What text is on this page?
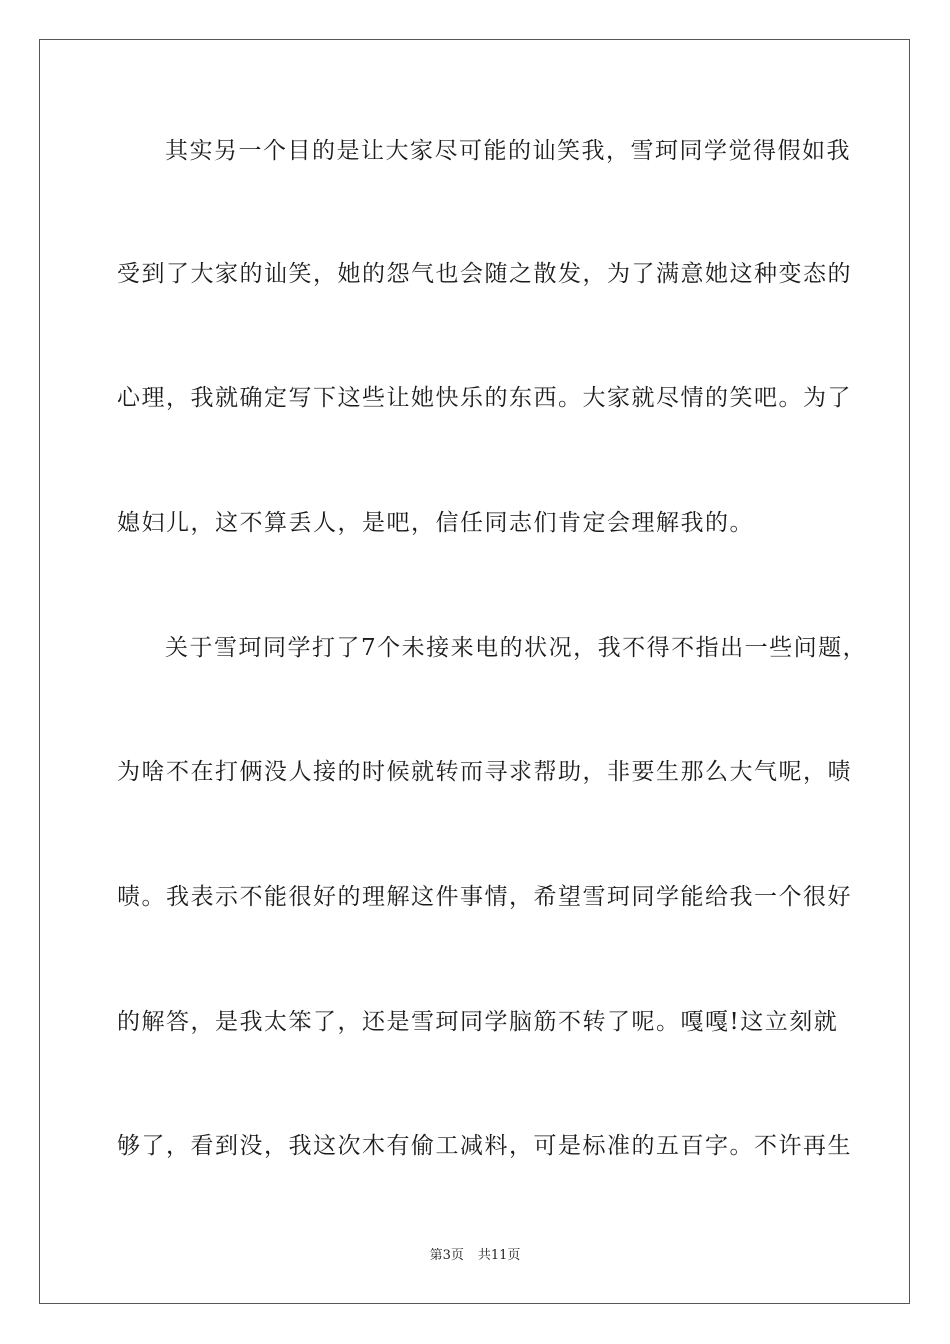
其实另一个目的是让大家尽可能的讪笑我，雪珂同学觉得假如我
受到了大家的讪笑，她的怨气也会随之散发，为了满意她这种变态的
心理，我就确定写下这些让她快乐的东西。大家就尽情的笑吧。为了
媳妇儿，这不算丢人，是吧，信任同志们肯定会理解我的。
关于雪珂同学打了7个未接来电的状况，我不得不指出一些问题，
为啥不在打俩没人接的时候就转而寻求帮助，非要生那么大气呢，啧
啧。我表示不能很好的理解这件事情，希望雪珂同学能给我一个很好
的解答，是我太笨了，还是雪珂同学脑筋不转了呢。嘎嘎!这立刻就
够了，看到没，我这次木有偷工减料，可是标准的五百字。不许再生
第3页 共11页
